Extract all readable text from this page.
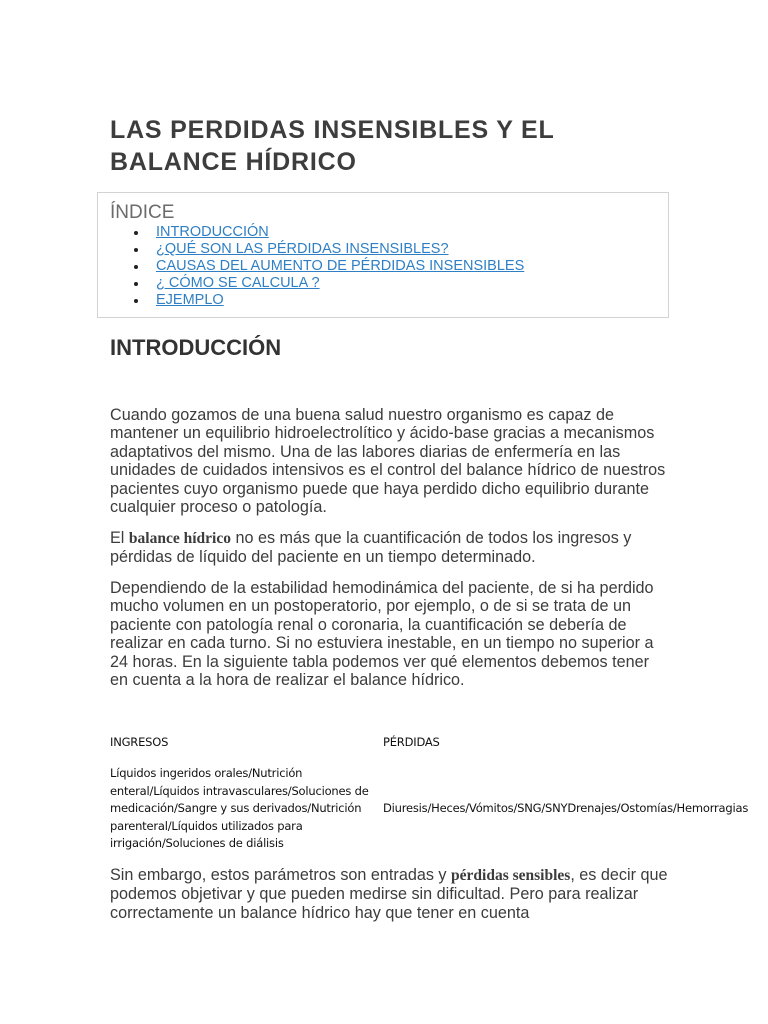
LAS PERDIDAS INSENSIBLES Y EL BALANCE HÍDRICO
ÍNDICE
INTRODUCCIÓN
¿QUÉ SON LAS PÉRDIDAS INSENSIBLES?
CAUSAS DEL AUMENTO DE PÉRDIDAS INSENSIBLES
¿ CÓMO SE CALCULA ?
EJEMPLO
INTRODUCCIÓN

Cuando gozamos de una buena salud nuestro organismo es capaz de mantener un equilibrio hidroelectrolítico y ácido-base gracias a mecanismos adaptativos del mismo. Una de las labores diarias de enfermería en las unidades de cuidados intensivos es el control del balance hídrico de nuestros pacientes cuyo organismo puede que haya perdido dicho equilibrio durante cualquier proceso o patología.

El balance hídrico no es más que la cuantificación de todos los ingresos y pérdidas de líquido del paciente en un tiempo determinado.

Dependiendo de la estabilidad hemodinámica del paciente, de si ha perdido mucho volumen en un postoperatorio, por ejemplo, o de si se trata de un paciente con patología renal o coronaria, la cuantificación se debería de realizar en cada turno. Si no estuviera inestable, en un tiempo no superior a 24 horas. En la siguiente tabla podemos ver qué elementos debemos tener en cuenta a la hora de realizar el balance hídrico.

INGRESOS	PÉRDIDAS
Líquidos ingeridos orales/Nutrición
enteral/Líquidos intravasculares/Soluciones de
medicación/Sangre y sus derivados/Nutrición
parenteral/Líquidos utilizados para
irrigación/Soluciones de diálisis
Diuresis/Heces/Vómitos/SNG/SNYDrenajes/Ostomías/Hemorragias

Sin embargo, estos parámetros son entradas y pérdidas sensibles, es decir que podemos objetivar y que pueden medirse sin dificultad. Pero para realizar correctamente un balance hídrico hay que tener en cuenta
